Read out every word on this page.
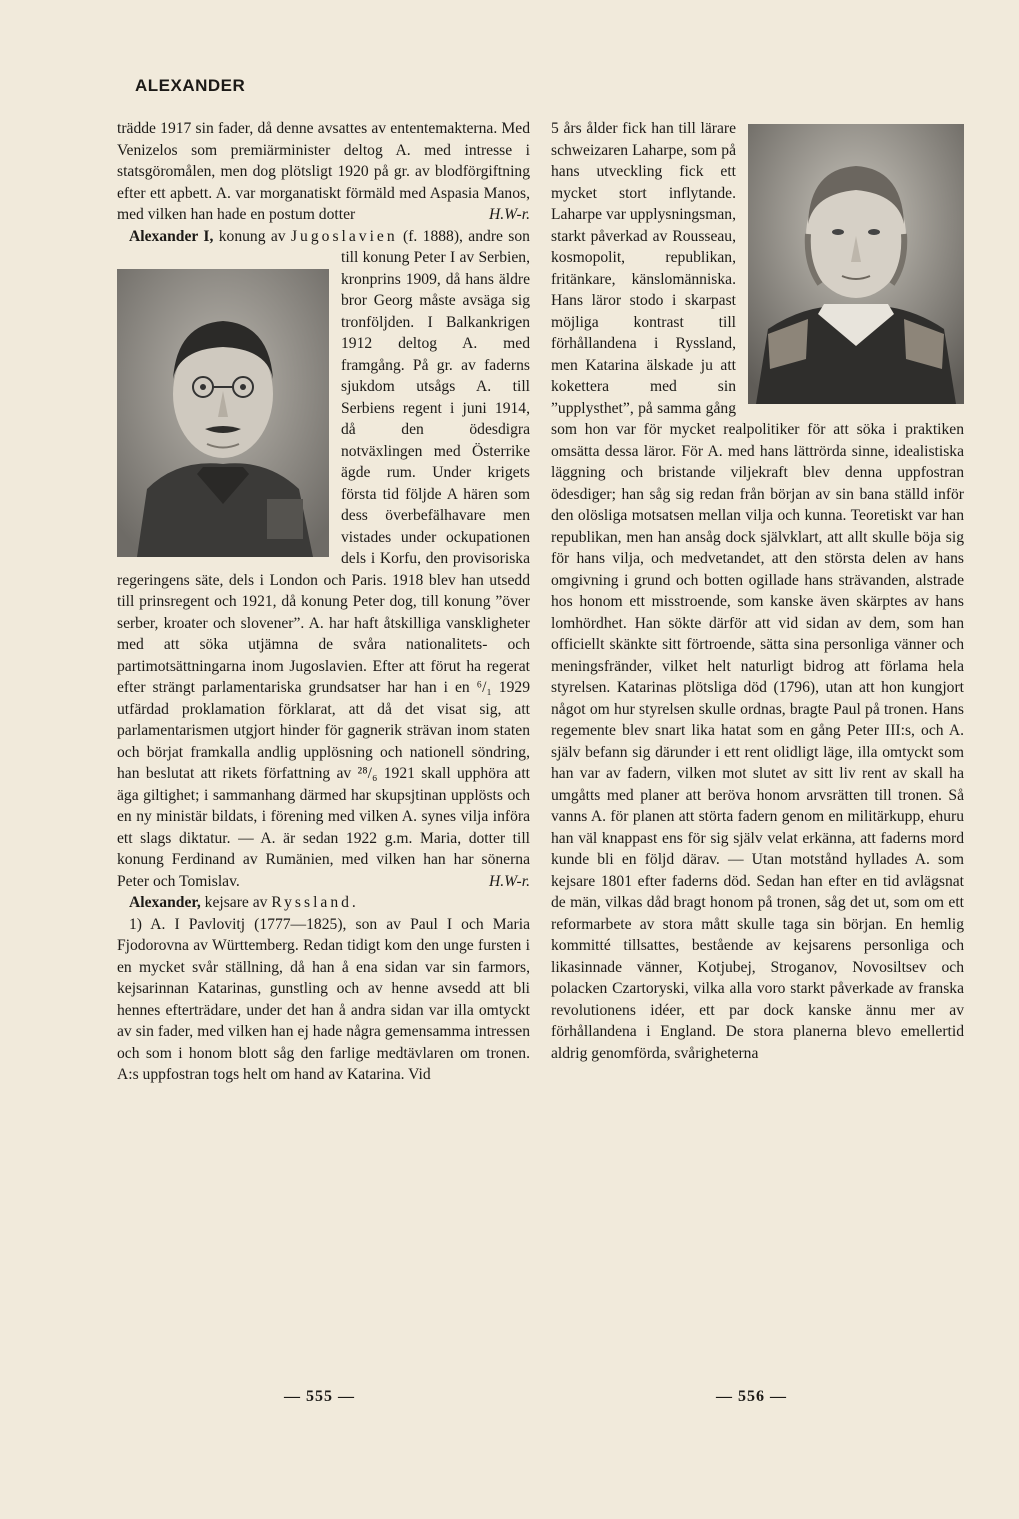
ALEXANDER

trädde 1917 sin fader, då denne avsattes av ententemakterna. Med Venizelos som premiärminister deltog A. med intresse i statsgöromålen, men dog plötsligt 1920 på gr. av blodförgiftning efter ett apbett. A. var morganatiskt förmäld med Aspasia Manos, med vilken han hade en postum dotter	H.W-r.

Alexander I, konung av Jugoslavien (f. 1888), andre son till konung Peter I av Serbien, kronprins 1909, då hans äldre bror Georg måste avsäga sig tronföljden. I Balkankrigen 1912 deltog A. med framgång. På gr. av faderns sjukdom utsågs A. till Serbiens regent i juni 1914, då den ödesdigra notväxlingen med Österrike ägde rum. Under krigets första tid följde A hären som dess överbefälhavare men vistades under ockupationen dels i Korfu, den provisoriska regeringens säte, dels i London och Paris. 1918 blev han utsedd till prinsregent och 1921, då konung Peter dog, till konung ”över serber, kroater och slovener”. A. har haft åtskilliga vanskligheter med att söka utjämna de svåra nationalitets- och partimotsättningarna inom Jugoslavien. Efter att förut ha regerat efter strängt parlamentariska grundsatser har han i en ⁶/₁ 1929 utfärdad proklamation förklarat, att då det visat sig, att parlamentarismen utgjort hinder för gagnerik strävan inom staten och börjat framkalla andlig upplösning och nationell söndring, han beslutat att rikets författning av ²⁸/₆ 1921 skall upphöra att äga giltighet; i sammanhang därmed har skupsjtinan upplösts och en ny ministär bildats, i förening med vilken A. synes vilja införa ett slags diktatur. — A. är sedan 1922 g.m. Maria, dotter till konung Ferdinand av Rumänien, med vilken han har sönerna Peter och Tomislav.	H.W-r.

Alexander, kejsare av Ryssland.

1) A. I Pavlovitj (1777—1825), son av Paul I och Maria Fjodorovna av Württemberg. Redan tidigt kom den unge fursten i en mycket svår ställning, då han å ena sidan var sin farmors, kejsarinnan Katarinas, gunstling och av henne avsedd att bli hennes efterträdare, under det han å andra sidan var illa omtyckt av sin fader, med vilken han ej hade några gemensamma intressen och som i honom blott såg den farlige medtävlaren om tronen. A:s uppfostran togs helt om hand av Katarina. Vid

5 års ålder fick han till lärare schweizaren Laharpe, som på hans utveckling fick ett mycket stort inflytande. Laharpe var upplysningsman, starkt påverkad av Rousseau, kosmopolit, republikan, fritänkare, känslomänniska. Hans läror stodo i skarpast möjliga kontrast till förhållandena i Ryssland, men Katarina älskade ju att kokettera med sin ”upplysthet”, på samma gång som hon var för mycket realpolitiker för att söka i praktiken omsätta dessa läror. För A. med hans lättrörda sinne, idealistiska läggning och bristande viljekraft blev denna uppfostran ödesdiger; han såg sig redan från början av sin bana ställd inför den olösliga motsatsen mellan vilja och kunna. Teoretiskt var han republikan, men han ansåg dock självklart, att allt skulle böja sig för hans vilja, och medvetandet, att den största delen av hans omgivning i grund och botten ogillade hans strävanden, alstrade hos honom ett misstroende, som kanske även skärptes av hans lomhördhet. Han sökte därför att vid sidan av dem, som han officiellt skänkte sitt förtroende, sätta sina personliga vänner och meningsfränder, vilket helt naturligt bidrog att förlama hela styrelsen. Katarinas plötsliga död (1796), utan att hon kungjort något om hur styrelsen skulle ordnas, bragte Paul på tronen. Hans regemente blev snart lika hatat som en gång Peter III:s, och A. själv befann sig därunder i ett rent olidligt läge, illa omtyckt som han var av fadern, vilken mot slutet av sitt liv rent av skall ha umgåtts med planer att beröva honom arvsrätten till tronen. Så vanns A. för planen att störta fadern genom en militärkupp, ehuru han väl knappast ens för sig själv velat erkänna, att faderns mord kunde bli en följd därav. — Utan motstånd hyllades A. som kejsare 1801 efter faderns död. Sedan han efter en tid avlägsnat de män, vilkas dåd bragt honom på tronen, såg det ut, som om ett reformarbete av stora mått skulle taga sin början. En hemlig kommitté tillsattes, bestående av kejsarens personliga och likasinnade vänner, Kotjubej, Stroganov, Novosiltsev och polacken Czartoryski, vilka alla voro starkt påverkade av franska revolutionens idéer, ett par dock kanske ännu mer av förhållandena i England. De stora planerna blevo emellertid aldrig genomförda, svårigheterna

— 555 —	— 556 —
